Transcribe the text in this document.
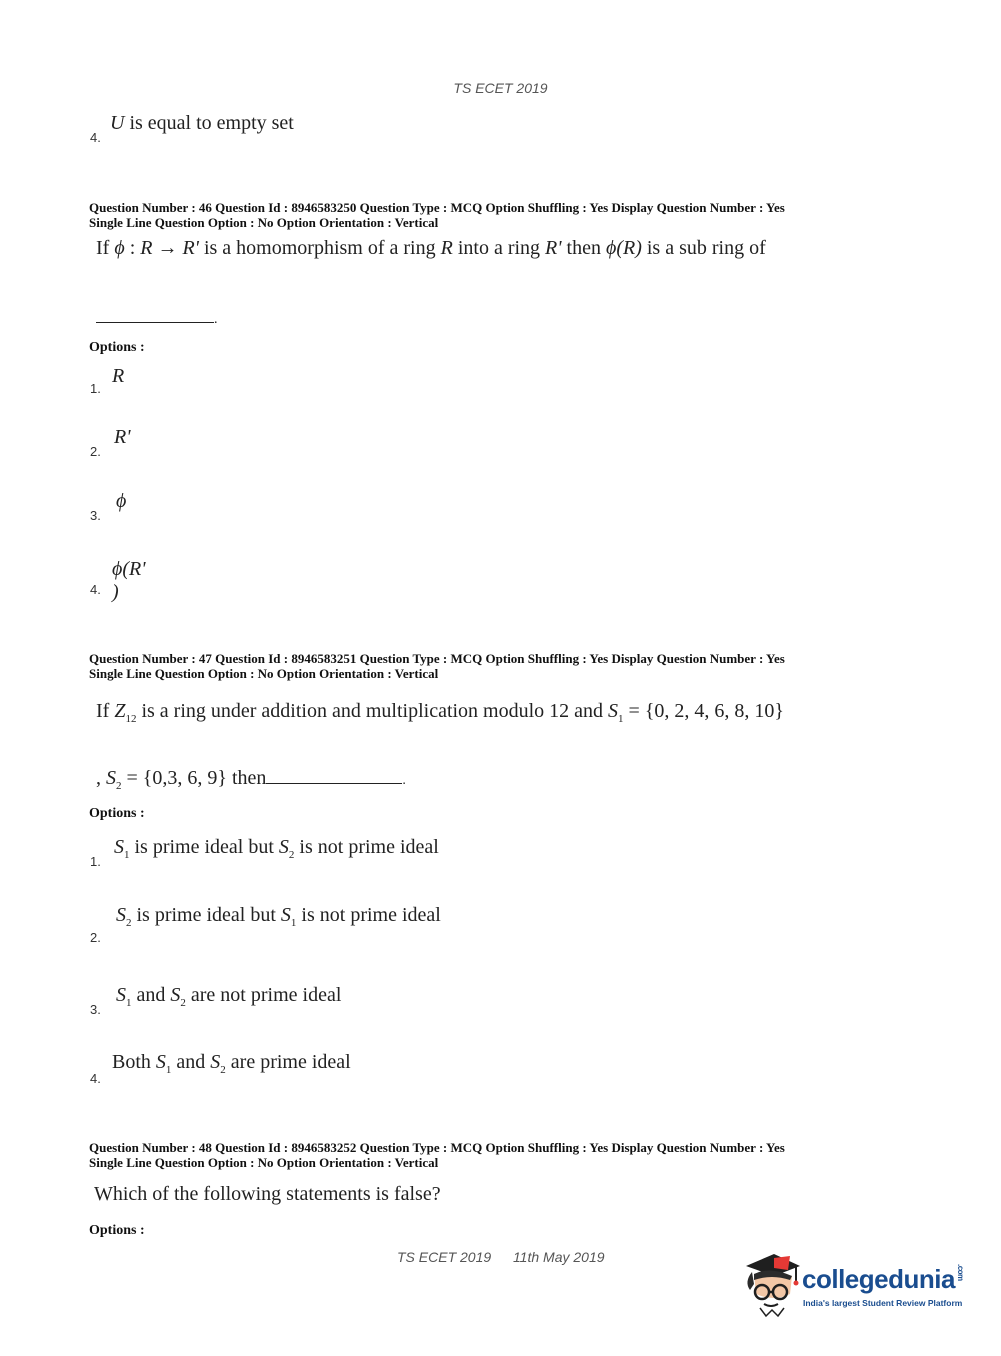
TS ECET 2019
4.
U is equal to empty set
Question Number : 46 Question Id : 8946583250 Question Type : MCQ Option Shuffling : Yes Display Question Number : Yes
Single Line Question Option : No Option Orientation : Vertical
If ϕ : R → R' is a homomorphism of a ring R into a ring R' then ϕ(R) is a sub ring of
.
Options :
1.
R
2.
R'
3.
ϕ
4.
ϕ(R' )
Question Number : 47 Question Id : 8946583251 Question Type : MCQ Option Shuffling : Yes Display Question Number : Yes
Single Line Question Option : No Option Orientation : Vertical
If $Z_{12}$ is a ring under addition and multiplication modulo 12 and $S_1 = \{0$, 2, 4, 6, 8, 10}
, $S_2 = \{0,3$, 6, 9} then	.
Options :
1.
$S_1$ is prime ideal but $S_2$ is not prime ideal
2.
$S_2$ is prime ideal but $S_1$ is not prime ideal
3.
$S_1$ and $S_2$ are not prime ideal
4.
Both $S_1$ and $S_2$ are prime ideal
Question Number : 48 Question Id : 8946583252 Question Type : MCQ Option Shuffling : Yes Display Question Number : Yes
Single Line Question Option : No Option Orientation : Vertical
Which of the following statements is false?
Options :
TS ECET 2019 11th May 2019
collegedunia.com
India's largest Student Review Platform
